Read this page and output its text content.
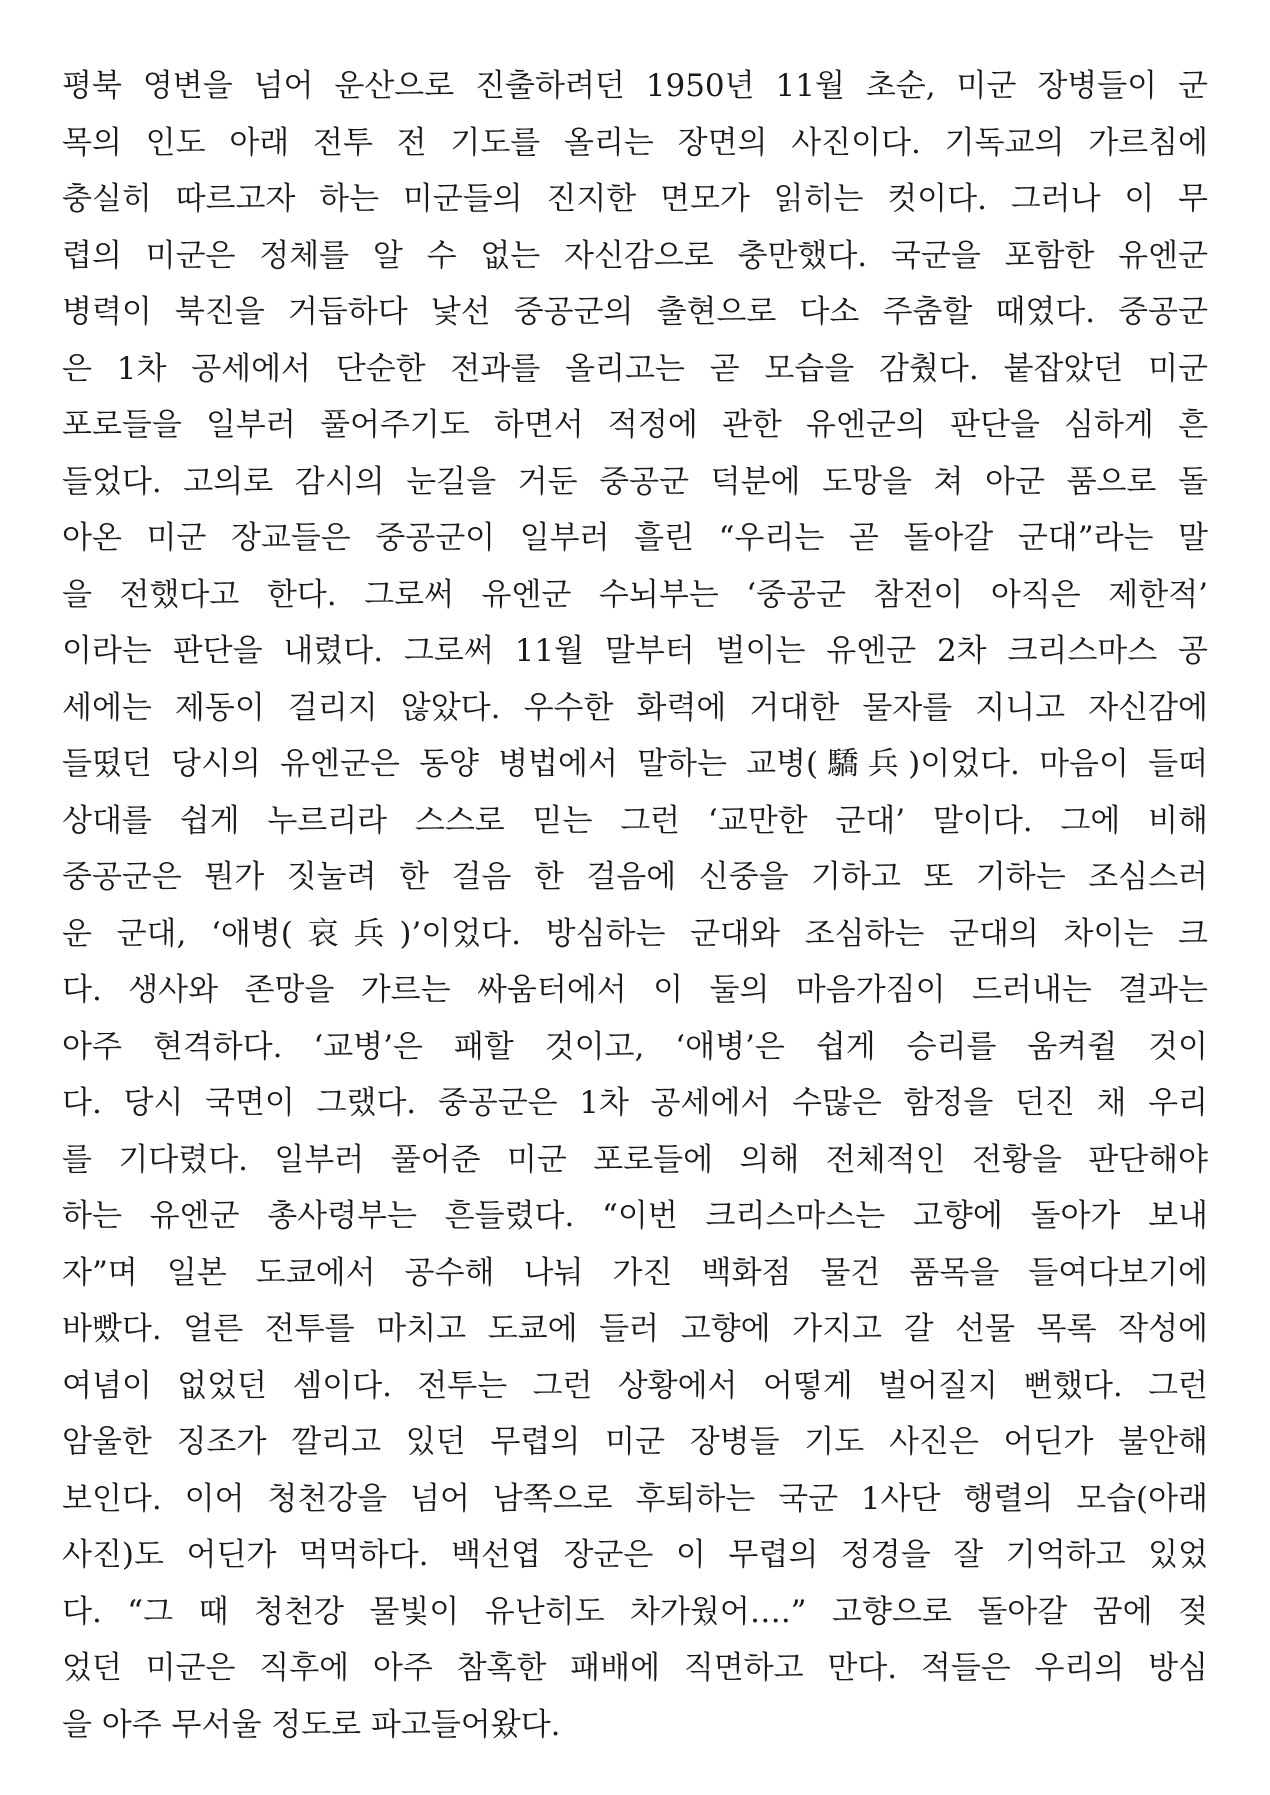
평북 영변을 넘어 운산으로 진출하려던 1950년 11월 초순, 미군 장병들이 군
목의 인도 아래 전투 전 기도를 올리는 장면의 사진이다. 기독교의 가르침에
충실히 따르고자 하는 미군들의 진지한 면모가 읽히는 컷이다. 그러나 이 무
렵의 미군은 정체를 알 수 없는 자신감으로 충만했다. 국군을 포함한 유엔군
병력이 북진을 거듭하다 낯선 중공군의 출현으로 다소 주춤할 때였다. 중공군
은 1차 공세에서 단순한 전과를 올리고는 곧 모습을 감췄다. 붙잡았던 미군
포로들을 일부러 풀어주기도 하면서 적정에 관한 유엔군의 판단을 심하게 흔
들었다. 고의로 감시의 눈길을 거둔 중공군 덕분에 도망을 쳐 아군 품으로 돌
아온 미군 장교들은 중공군이 일부러 흘린 “우리는 곧 돌아갈 군대”라는 말
을 전했다고 한다. 그로써 유엔군 수뇌부는 ‘중공군 참전이 아직은 제한적’
이라는 판단을 내렸다. 그로써 11월 말부터 벌이는 유엔군 2차 크리스마스 공
세에는 제동이 걸리지 않았다. 우수한 화력에 거대한 물자를 지니고 자신감에
들떴던 당시의 유엔군은 동양 병법에서 말하는 교병(驕兵)이었다. 마음이 들떠
상대를 쉽게 누르리라 스스로 믿는 그런 ‘교만한 군대’ 말이다. 그에 비해
중공군은 뭔가 짓눌려 한 걸음 한 걸음에 신중을 기하고 또 기하는 조심스러
운 군대, ‘애병(哀兵)’이었다. 방심하는 군대와 조심하는 군대의 차이는 크
다. 생사와 존망을 가르는 싸움터에서 이 둘의 마음가짐이 드러내는 결과는
아주 현격하다. ‘교병’은 패할 것이고, ‘애병’은 쉽게 승리를 움켜쥘 것이
다. 당시 국면이 그랬다. 중공군은 1차 공세에서 수많은 함정을 던진 채 우리
를 기다렸다. 일부러 풀어준 미군 포로들에 의해 전체적인 전황을 판단해야
하는 유엔군 총사령부는 흔들렸다. “이번 크리스마스는 고향에 돌아가 보내
자”며 일본 도쿄에서 공수해 나눠 가진 백화점 물건 품목을 들여다보기에
바빴다. 얼른 전투를 마치고 도쿄에 들러 고향에 가지고 갈 선물 목록 작성에
여념이 없었던 셈이다. 전투는 그런 상황에서 어떻게 벌어질지 뻔했다. 그런
암울한 징조가 깔리고 있던 무렵의 미군 장병들 기도 사진은 어딘가 불안해
보인다. 이어 청천강을 넘어 남쪽으로 후퇴하는 국군 1사단 행렬의 모습(아래
사진)도 어딘가 먹먹하다. 백선엽 장군은 이 무렵의 정경을 잘 기억하고 있었
다. “그 때 청천강 물빛이 유난히도 차가웠어….” 고향으로 돌아갈 꿈에 젖
었던 미군은 직후에 아주 참혹한 패배에 직면하고 만다. 적들은 우리의 방심
을 아주 무서울 정도로 파고들어왔다.
